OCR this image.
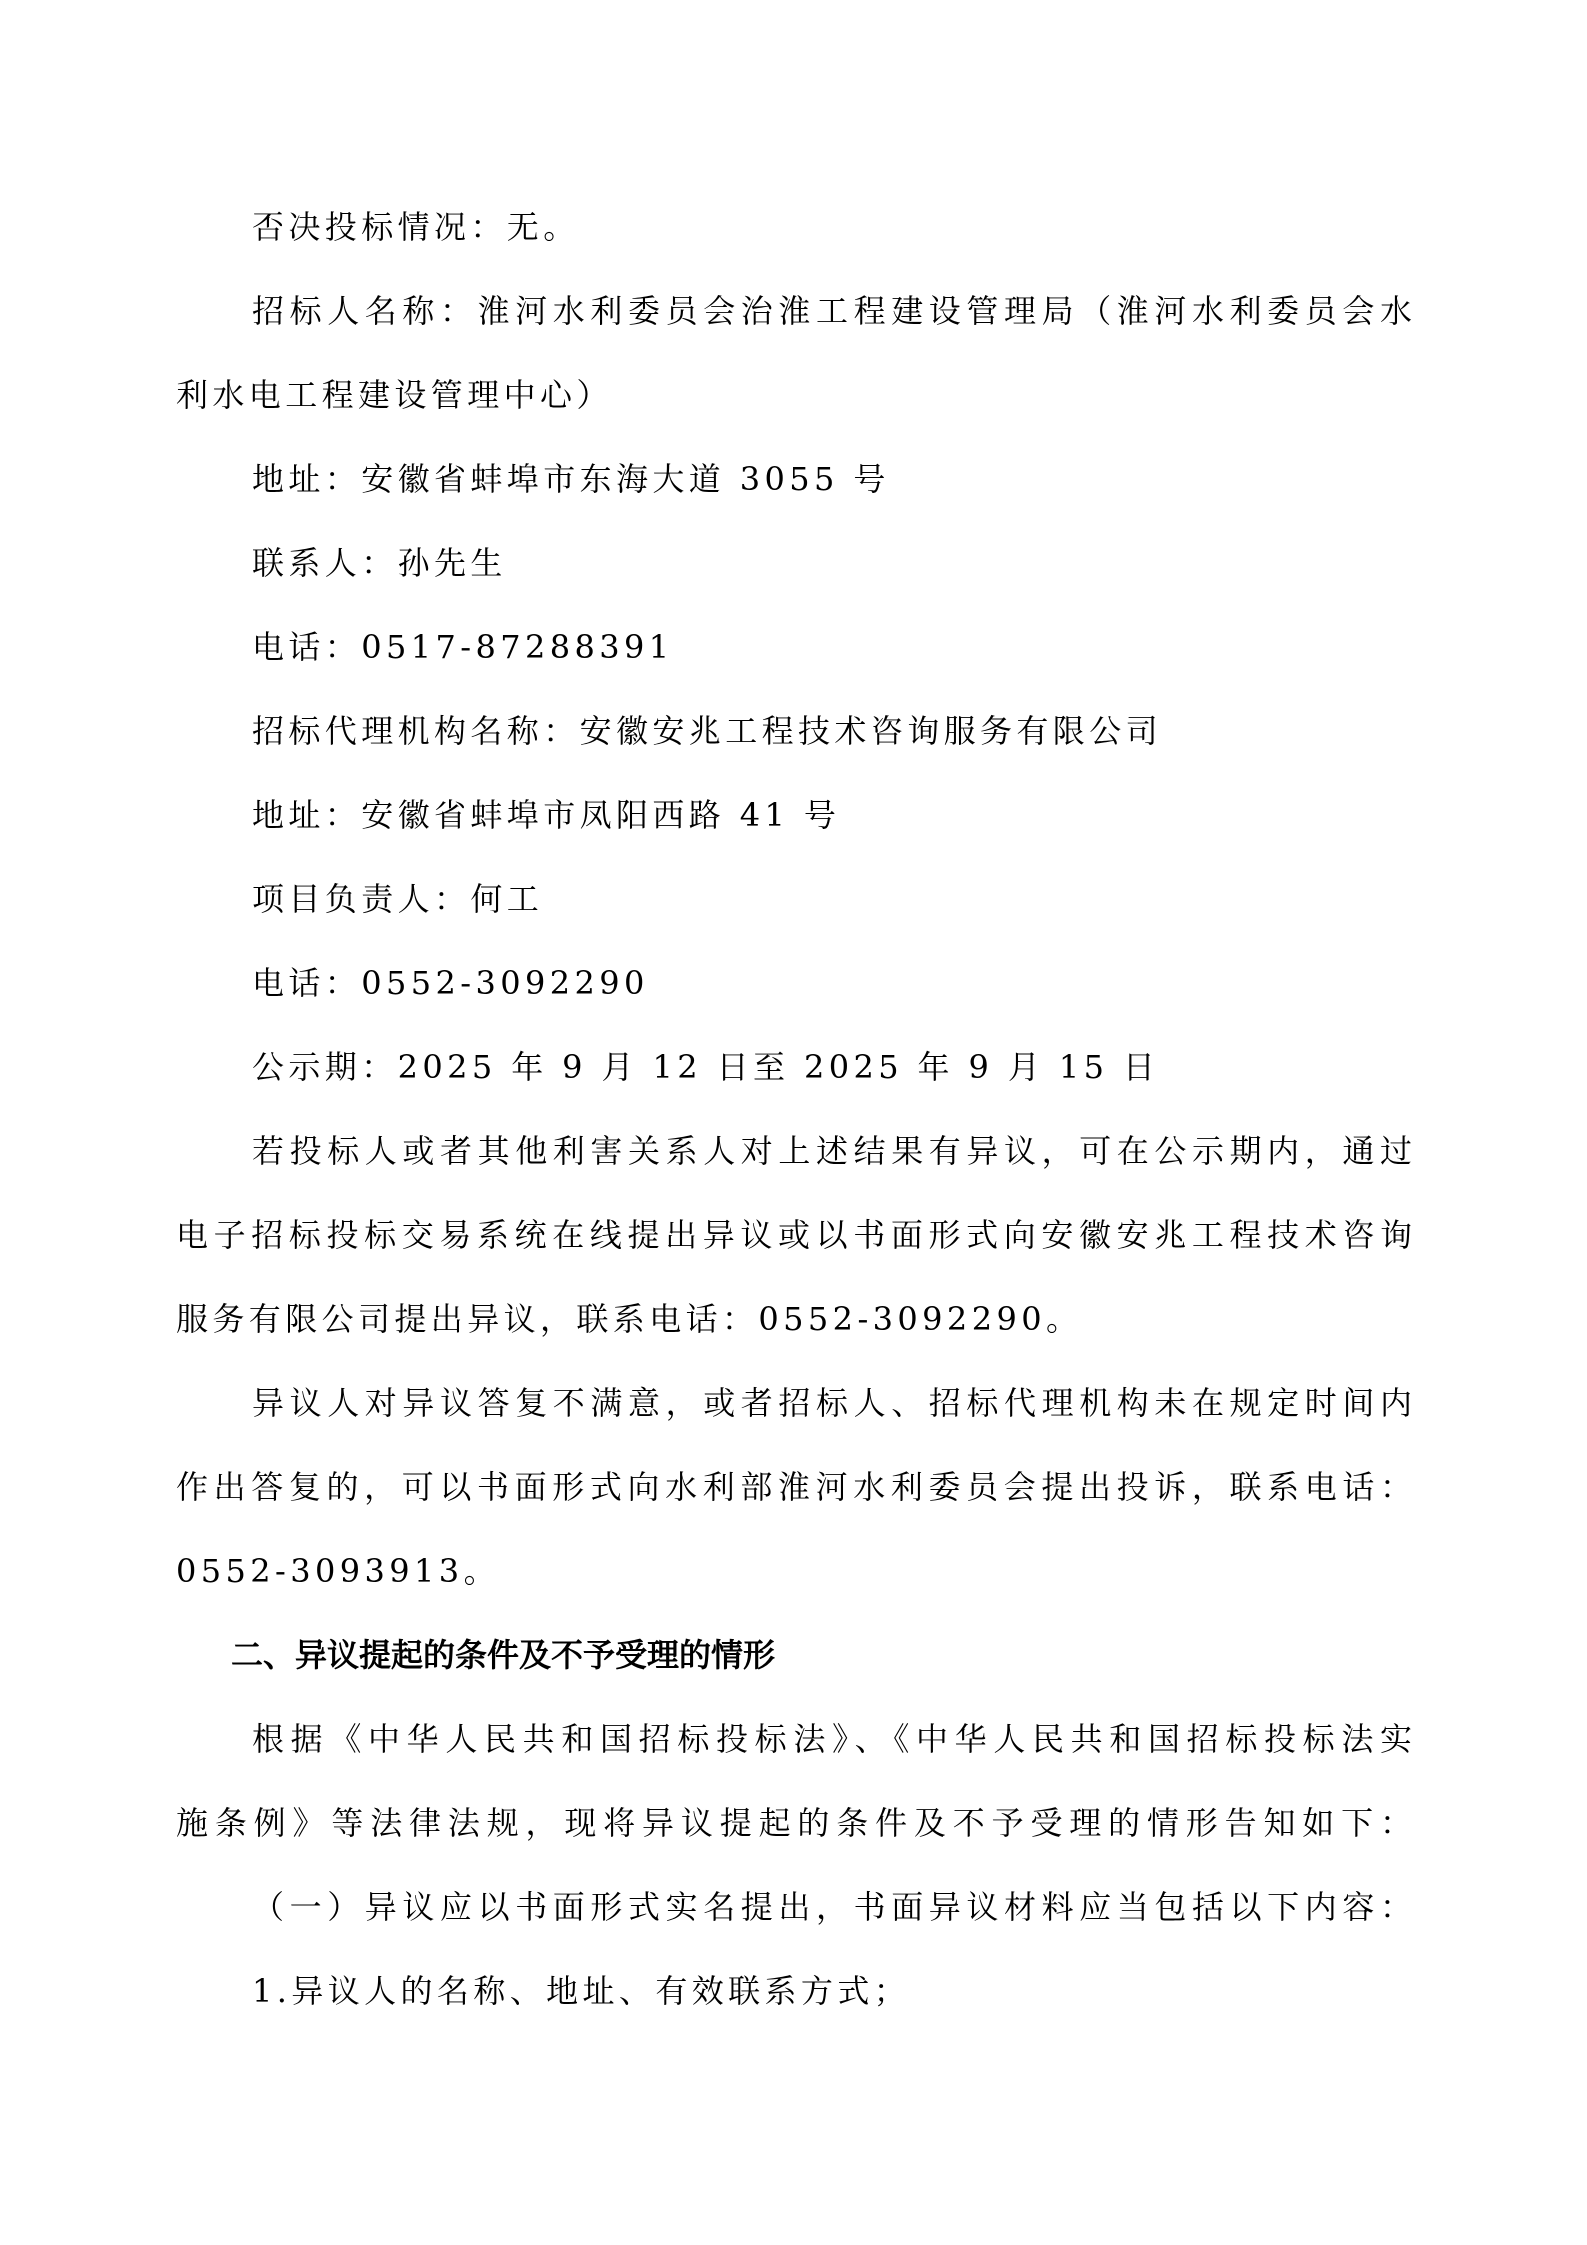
否决投标情况：无。
招标人名称：淮河水利委员会治淮工程建设管理局（淮河水利委员会水
利水电工程建设管理中心）
地址：安徽省蚌埠市东海大道 3055 号
联系人：孙先生
电话：0517-87288391
招标代理机构名称：安徽安兆工程技术咨询服务有限公司
地址：安徽省蚌埠市凤阳西路 41 号
项目负责人：何工
电话：0552-3092290
公示期：2025 年 9 月 12 日至 2025 年 9 月 15 日
若投标人或者其他利害关系人对上述结果有异议，可在公示期内，通过
电子招标投标交易系统在线提出异议或以书面形式向安徽安兆工程技术咨询
服务有限公司提出异议，联系电话：0552-3092290。
异议人对异议答复不满意，或者招标人、招标代理机构未在规定时间内
作出答复的，可以书面形式向水利部淮河水利委员会提出投诉，联系电话：
0552-3093913。
二、异议提起的条件及不予受理的情形
根据《中华人民共和国招标投标法》、《中华人民共和国招标投标法实
施条例》等法律法规，现将异议提起的条件及不予受理的情形告知如下：
（一）异议应以书面形式实名提出，书面异议材料应当包括以下内容：
1.异议人的名称、地址、有效联系方式；
